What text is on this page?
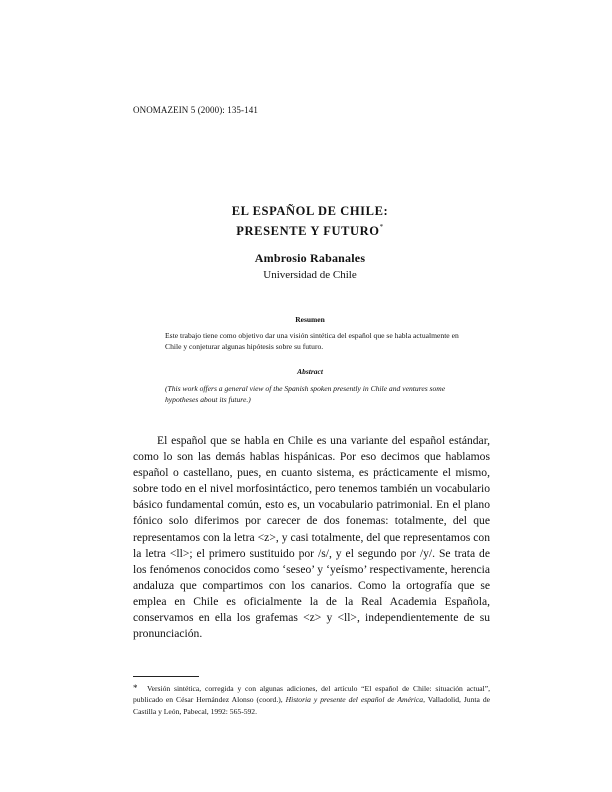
ONOMAZEIN 5 (2000): 135-141
EL ESPAÑOL DE CHILE:
PRESENTE Y FUTURO*
Ambrosio Rabanales
Universidad de Chile
Resumen
Este trabajo tiene como objetivo dar una visión sintética del español que se habla actualmente en Chile y conjeturar algunas hipótesis sobre su futuro.
Abstract
(This work offers a general view of the Spanish spoken presently in Chile and ventures some hypotheses about its future.)
El español que se habla en Chile es una variante del español estándar, como lo son las demás hablas hispánicas. Por eso decimos que hablamos español o castellano, pues, en cuanto sistema, es prácticamente el mismo, sobre todo en el nivel morfosintáctico, pero tenemos también un vocabulario básico fundamental común, esto es, un vocabulario patrimonial. En el plano fónico solo diferimos por carecer de dos fonemas: totalmente, del que representamos con la letra <z>, y casi totalmente, del que representamos con la letra <ll>; el primero sustituido por /s/, y el segundo por /y/. Se trata de los fenómenos conocidos como ‘seseo’ y ‘yeísmo’ respectivamente, herencia andaluza que compartimos con los canarios. Como la ortografía que se emplea en Chile es oficialmente la de la Real Academia Española, conservamos en ella los grafemas <z> y <ll>, independientemente de su pronunciación.
* Versión sintética, corregida y con algunas adiciones, del artículo “El español de Chile: situación actual”, publicado en César Hernández Alonso (coord.), Historia y presente del español de América, Valladolid, Junta de Castilla y León, Pabecal, 1992: 565-592.
